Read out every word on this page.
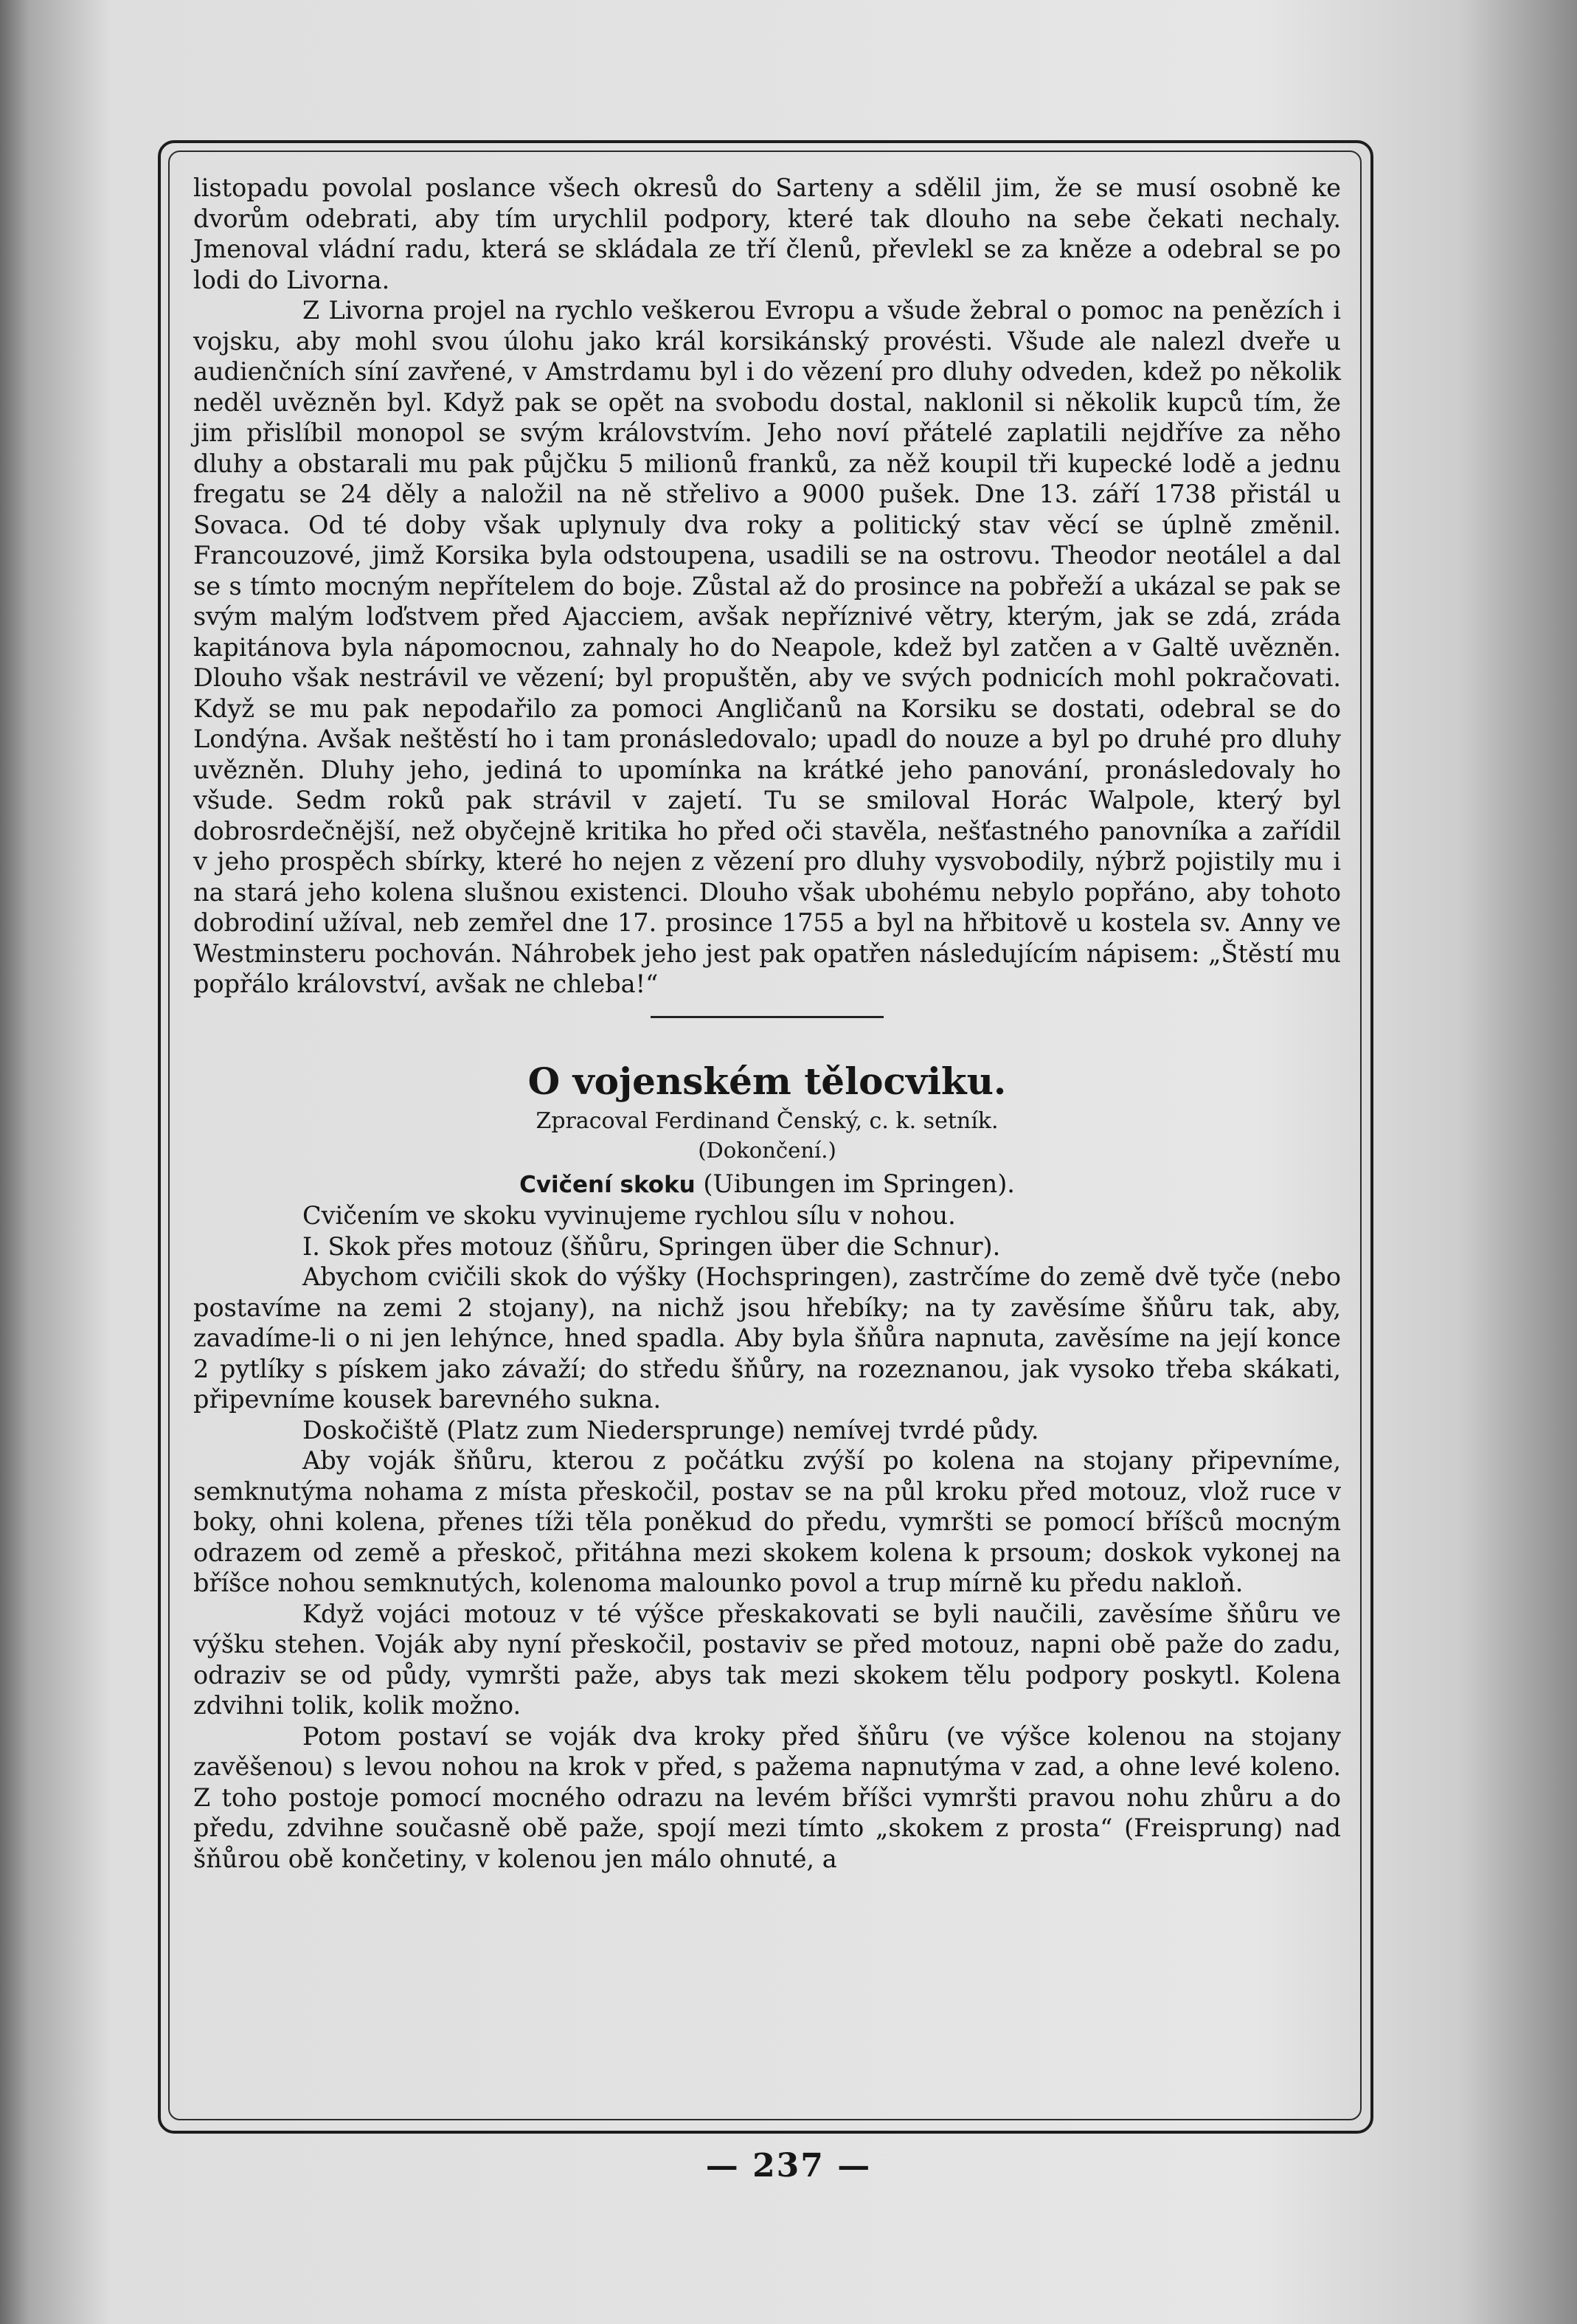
listopadu povolal poslance všech okresů do Sarteny a sdělil jim, že se musí osobně ke dvorům odebrati, aby tím urychlil podpory, které tak dlouho na sebe čekati nechaly. Jmenoval vládní radu, která se skládala ze tří členů, převlekl se za kněze a odebral se po lodi do Livorna.

Z Livorna projel na rychlo veškerou Evropu a všude žebral o pomoc na penězích i vojsku, aby mohl svou úlohu jako král korsikánský provésti. Všude ale nalezl dveře u audienčních síní zavřené, v Amstrdamu byl i do vězení pro dluhy odveden, kdež po několik neděl uvězněn byl. Když pak se opět na svobodu dostal, naklonil si několik kupců tím, že jim přislíbil monopol se svým královstvím. Jeho noví přátelé zaplatili nejdříve za něho dluhy a obstarali mu pak půjčku 5 milionů franků, za něž koupil tři kupecké lodě a jednu fregatu se 24 děly a naložil na ně střelivo a 9000 pušek. Dne 13. září 1738 přistál u Sovaca. Od té doby však uplynuly dva roky a politický stav věcí se úplně změnil. Francouzové, jimž Korsika byla odstoupena, usadili se na ostrovu. Theodor neotálel a dal se s tímto mocným nepřítelem do boje. Zůstal až do prosince na pobřeží a ukázal se pak se svým malým loďstvem před Ajacciem, avšak nepříznivé větry, kterým, jak se zdá, zráda kapitánova byla nápomocnou, zahnaly ho do Neapole, kdež byl zatčen a v Galtě uvězněn. Dlouho však nestrávil ve vězení; byl propuštěn, aby ve svých podnicích mohl pokračovati. Když se mu pak nepodařilo za pomoci Angličanů na Korsiku se dostati, odebral se do Londýna. Avšak neštěstí ho i tam pronásledovalo; upadl do nouze a byl po druhé pro dluhy uvězněn. Dluhy jeho, jediná to upomínka na krátké jeho panování, pronásledovaly ho všude. Sedm roků pak strávil v zajetí. Tu se smiloval Horác Walpole, který byl dobrosrdečnější, než obyčejně kritika ho před oči stavěla, nešťastného panovníka a zařídil v jeho prospěch sbírky, které ho nejen z vězení pro dluhy vysvobodily, nýbrž pojistily mu i na stará jeho kolena slušnou existenci. Dlouho však ubohému nebylo popřáno, aby tohoto dobrodiní užíval, neb zemřel dne 17. prosince 1755 a byl na hřbitově u kostela sv. Anny ve Westminsteru pochován. Náhrobek jeho jest pak opatřen následujícím nápisem: „Štěstí mu popřálo království, avšak ne chleba!“

O vojenském tělocviku.
Zpracoval Ferdinand Čenský, c. k. setník.
(Dokončení.)
Cvičení skoku (Uibungen im Springen).

Cvičením ve skoku vyvinujeme rychlou sílu v nohou.

I. Skok přes motouz (šňůru, Springen über die Schnur).

Abychom cvičili skok do výšky (Hochspringen), zastrčíme do země dvě tyče (nebo postavíme na zemi 2 stojany), na nichž jsou hřebíky; na ty zavěsíme šňůru tak, aby, zavadíme-li o ni jen lehýnce, hned spadla. Aby byla šňůra napnuta, zavěsíme na její konce 2 pytlíky s pískem jako závaží; do středu šňůry, na rozeznanou, jak vysoko třeba skákati, připevníme kousek barevného sukna.

Doskočiště (Platz zum Niedersprunge) nemívej tvrdé půdy.

Aby voják šňůru, kterou z počátku zvýší po kolena na stojany připevníme, semknutýma nohama z místa přeskočil, postav se na půl kroku před motouz, vlož ruce v boky, ohni kolena, přenes tíži těla poněkud do předu, vymršti se pomocí bříšců mocným odrazem od země a přeskoč, přitáhna mezi skokem kolena k prsoum; doskok vykonej na bříšce nohou semknutých, kolenoma malounko povol a trup mírně ku předu nakloň.

Když vojáci motouz v té výšce přeskakovati se byli naučili, zavěsíme šňůru ve výšku stehen. Voják aby nyní přeskočil, postaviv se před motouz, napni obě paže do zadu, odraziv se od půdy, vymršti paže, abys tak mezi skokem tělu podpory poskytl. Kolena zdvihni tolik, kolik možno.

Potom postaví se voják dva kroky před šňůru (ve výšce kolenou na stojany zavěšenou) s levou nohou na krok v před, s pažema napnutýma v zad, a ohne levé koleno. Z toho postoje pomocí mocného odrazu na levém bříšci vymršti pravou nohu zhůru a do předu, zdvihne současně obě paže, spojí mezi tímto „skokem z prosta“ (Freisprung) nad šňůrou obě končetiny, v kolenou jen málo ohnuté, a

— 237 —
